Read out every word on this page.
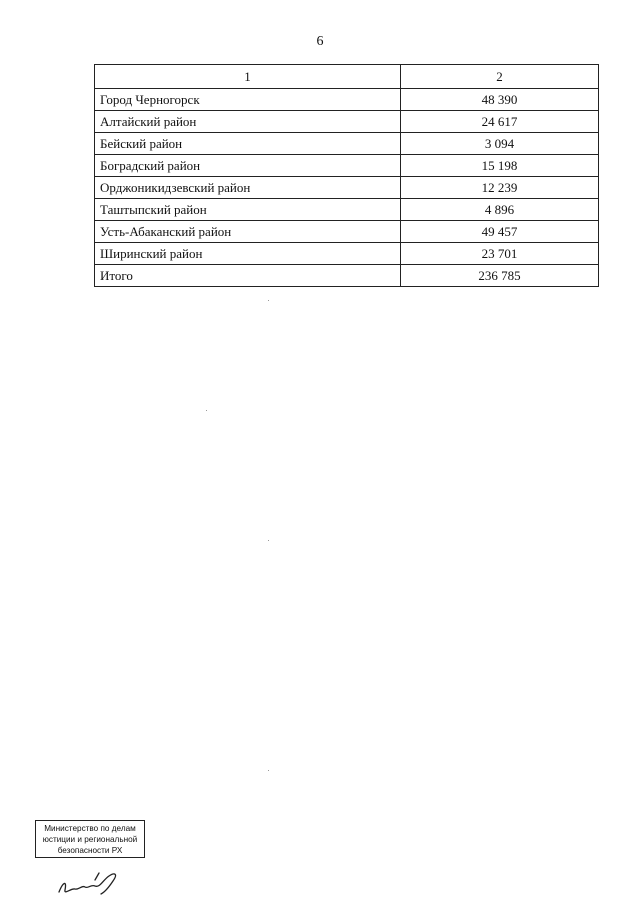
6
1	2
Город Черногорск	48 390
Алтайский район	24 617
Бейский район	3 094
Боградский район	15 198
Орджоникидзевский район	12 239
Таштыпский район	4 896
Усть-Абаканский район	49 457
Ширинский район	23 701
Итого	236 785
Министерство по делам
юстиции и региональной
безопасности РХ
